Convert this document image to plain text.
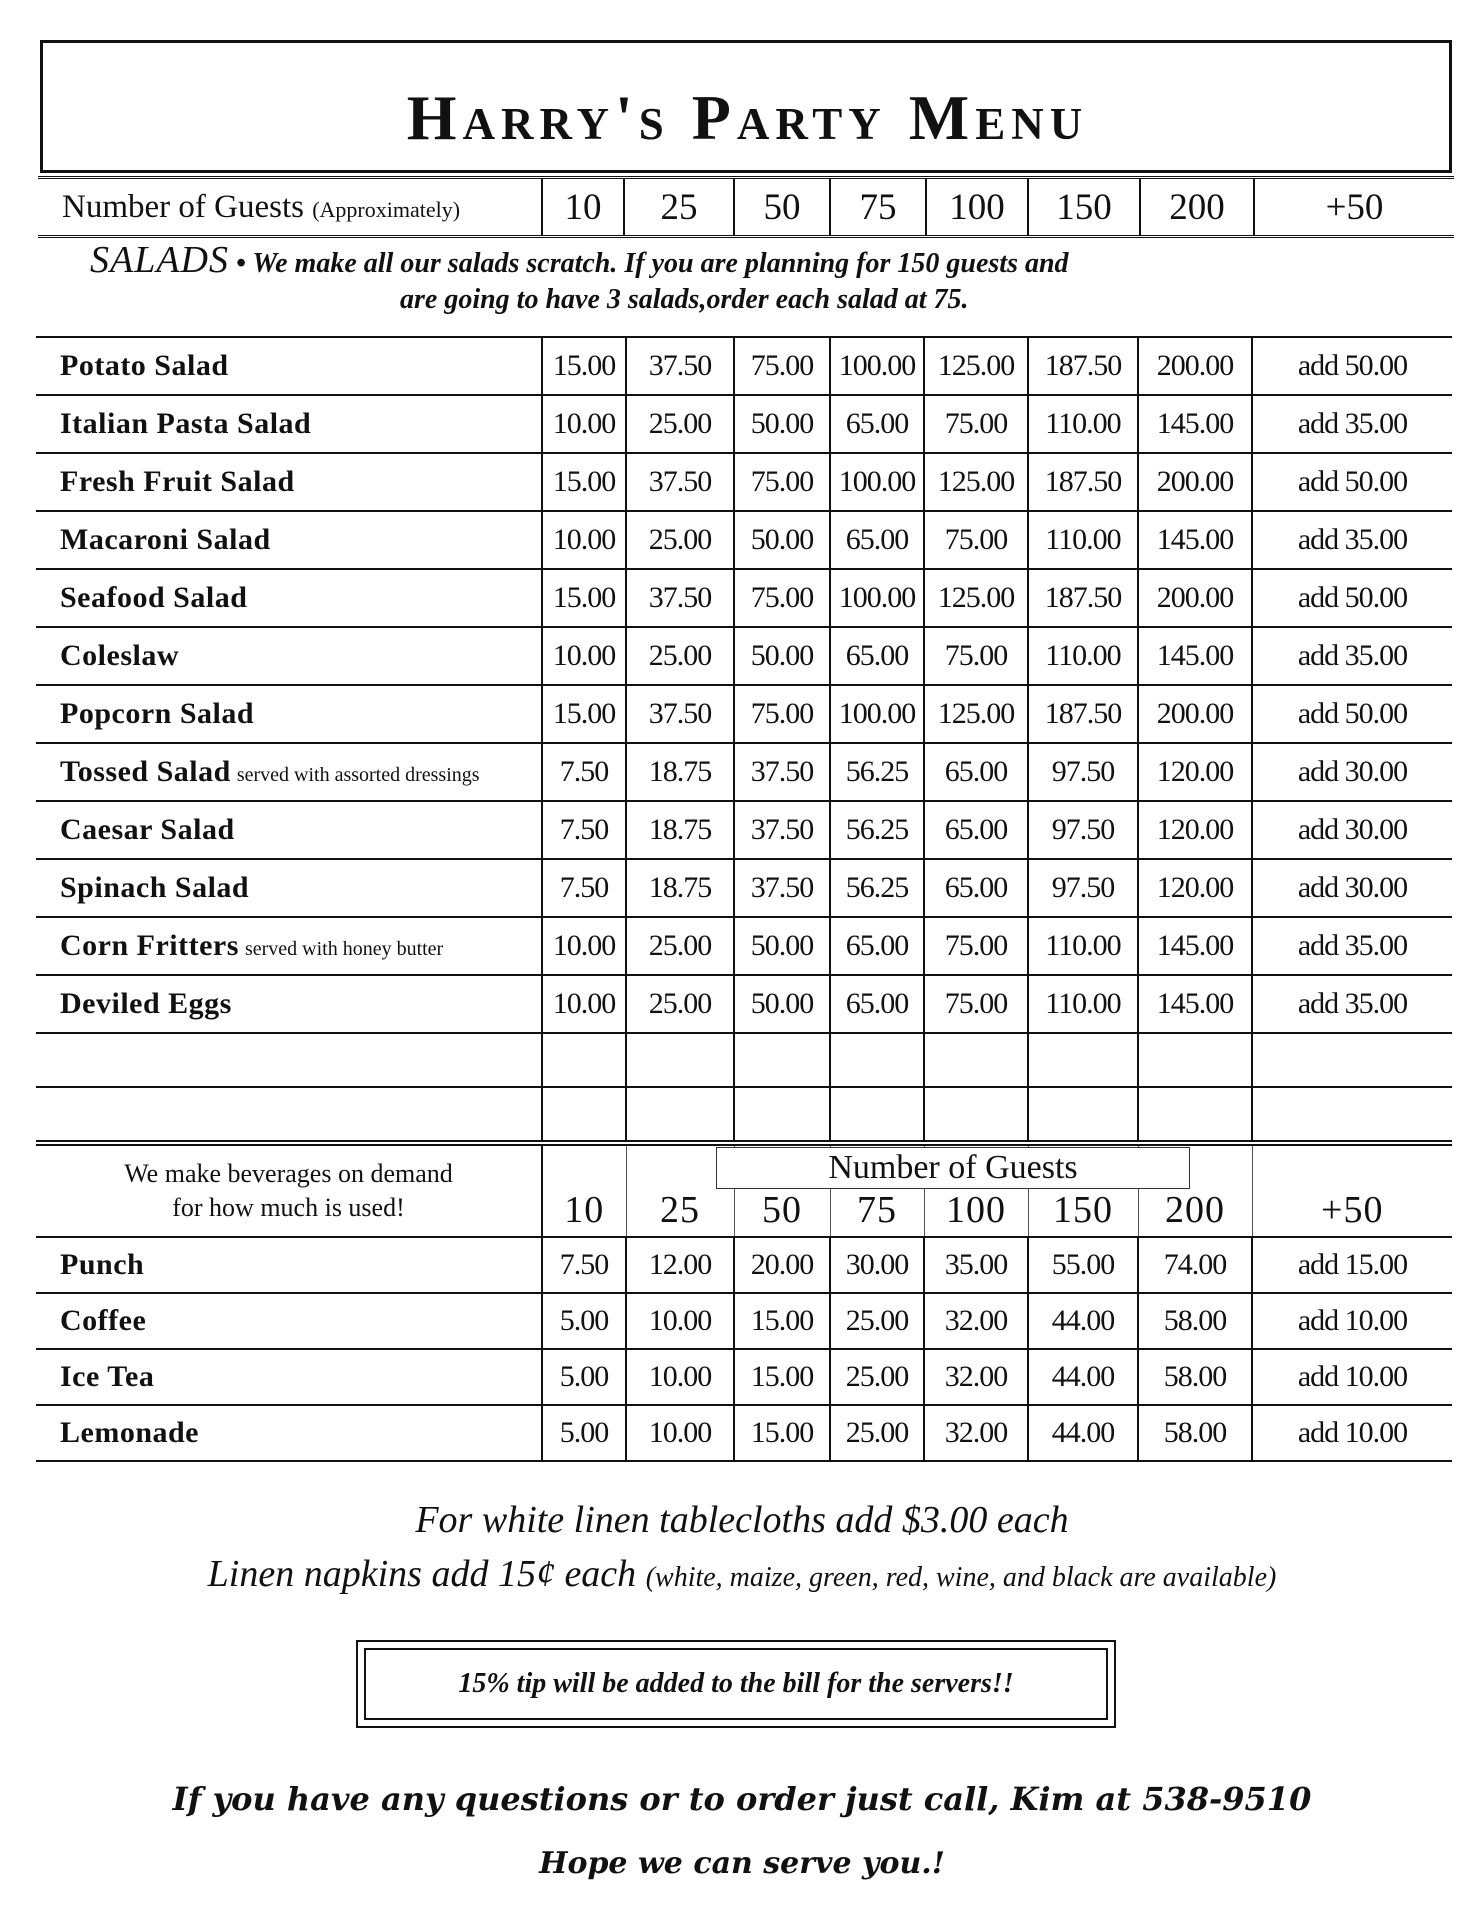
Harry's Party Menu
Number of Guests (Approximately)	10	25	50	75	100	150	200	+50
SALADS • We make all our salads scratch. If you are planning for 150 guests and
are going to have 3 salads,order each salad at 75.
Potato Salad	15.00	37.50	75.00	100.00	125.00	187.50	200.00	add 50.00
Italian Pasta Salad	10.00	25.00	50.00	65.00	75.00	110.00	145.00	add 35.00
Fresh Fruit Salad	15.00	37.50	75.00	100.00	125.00	187.50	200.00	add 50.00
Macaroni Salad	10.00	25.00	50.00	65.00	75.00	110.00	145.00	add 35.00
Seafood Salad	15.00	37.50	75.00	100.00	125.00	187.50	200.00	add 50.00
Coleslaw	10.00	25.00	50.00	65.00	75.00	110.00	145.00	add 35.00
Popcorn Salad	15.00	37.50	75.00	100.00	125.00	187.50	200.00	add 50.00
Tossed Salad served with assorted dressings	7.50	18.75	37.50	56.25	65.00	97.50	120.00	add 30.00
Caesar Salad	7.50	18.75	37.50	56.25	65.00	97.50	120.00	add 30.00
Spinach Salad	7.50	18.75	37.50	56.25	65.00	97.50	120.00	add 30.00
Corn Fritters served with honey butter	10.00	25.00	50.00	65.00	75.00	110.00	145.00	add 35.00
Deviled Eggs	10.00	25.00	50.00	65.00	75.00	110.00	145.00	add 35.00

We make beverages on demand
for how much is used!	10	25	50	75	100	150	200	+50
Punch	7.50	12.00	20.00	30.00	35.00	55.00	74.00	add 15.00
Coffee	5.00	10.00	15.00	25.00	32.00	44.00	58.00	add 10.00
Ice Tea	5.00	10.00	15.00	25.00	32.00	44.00	58.00	add 10.00
Lemonade	5.00	10.00	15.00	25.00	32.00	44.00	58.00	add 10.00
Number of Guests
For white linen tablecloths add $3.00 each
Linen napkins add 15¢ each (white, maize, green, red, wine, and black are available)
15% tip will be added to the bill for the servers!!
If you have any questions or to order just call, Kim at 538-9510
Hope we can serve you.!
